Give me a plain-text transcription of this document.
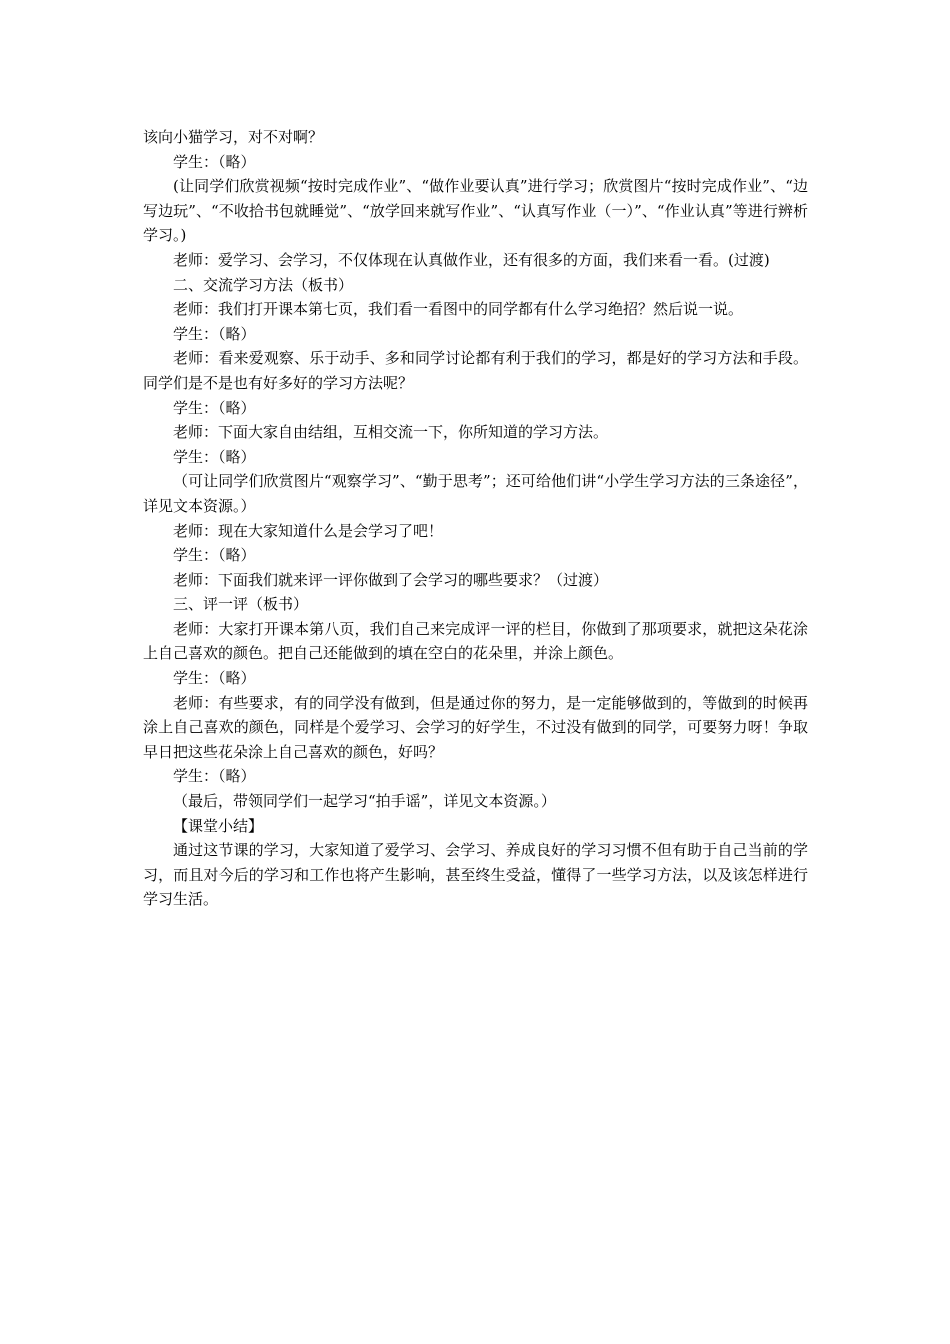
该向小猫学习，对不对啊？

学生：（略）

(让同学们欣赏视频“按时完成作业”、“做作业要认真”进行学习；欣赏图片“按时完成作业”、“边写边玩”、“不收拾书包就睡觉”、“放学回来就写作业”、“认真写作业（一）”、“作业认真”等进行辨析学习。)

老师：爱学习、会学习，不仅体现在认真做作业，还有很多的方面，我们来看一看。(过渡)

二、交流学习方法（板书）

老师：我们打开课本第七页，我们看一看图中的同学都有什么学习绝招？然后说一说。

学生：（略）

老师：看来爱观察、乐于动手、多和同学讨论都有利于我们的学习，都是好的学习方法和手段。同学们是不是也有好多好的学习方法呢？

学生：（略）

老师：下面大家自由结组，互相交流一下，你所知道的学习方法。

学生：（略）

（可让同学们欣赏图片“观察学习”、“勤于思考”；还可给他们讲“小学生学习方法的三条途径”，详见文本资源。）

老师：现在大家知道什么是会学习了吧！

学生：（略）

老师：下面我们就来评一评你做到了会学习的哪些要求？（过渡）

三、评一评（板书）

老师：大家打开课本第八页，我们自己来完成评一评的栏目，你做到了那项要求，就把这朵花涂上自己喜欢的颜色。把自己还能做到的填在空白的花朵里，并涂上颜色。

学生：（略）

老师：有些要求，有的同学没有做到，但是通过你的努力，是一定能够做到的，等做到的时候再涂上自己喜欢的颜色，同样是个爱学习、会学习的好学生，不过没有做到的同学，可要努力呀！争取早日把这些花朵涂上自己喜欢的颜色，好吗？

学生：（略）

（最后，带领同学们一起学习“拍手谣”，详见文本资源。）

【课堂小结】

通过这节课的学习，大家知道了爱学习、会学习、养成良好的学习习惯不但有助于自己当前的学习，而且对今后的学习和工作也将产生影响，甚至终生受益，懂得了一些学习方法，以及该怎样进行学习生活。
